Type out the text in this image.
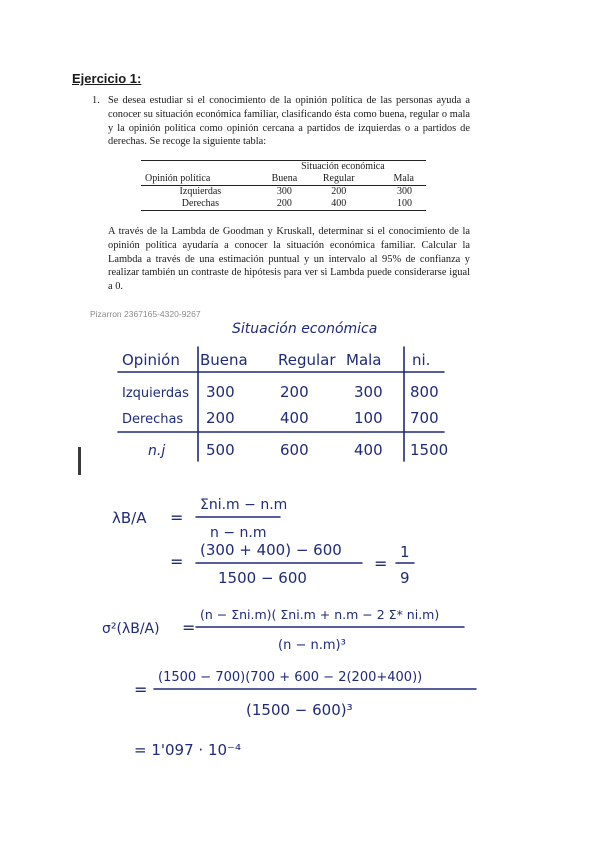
Ejercicio 1:
1. Se desea estudiar si el conocimiento de la opinión política de las personas ayuda a conocer su situación económica familiar, clasificando ésta como buena, regular o mala y la opinión política como opinión cercana a partidos de izquierdas o a partidos de derechas. Se recoge la siguiente tabla:
	Situación económica		
Opinión política	Buena	Regular	Mala
Izquierdas	300	200	300
Derechas	200	400	100
A través de la Lambda de Goodman y Kruskall, determinar si el conocimiento de la opinión política ayudaría a conocer la situación económica familiar. Calcular la Lambda a través de una estimación puntual y un intervalo al 95% de confianza y realizar también un contraste de hipótesis para ver si Lambda puede considerarse igual a 0.
Pizarron 2367165-4320-9267
Situación económica
Opinión Buena Regular Mala ni.
Izquierdas 300	200	300 800
Derechas 200	400	100 700
n.j	500	600	400 1500
λB/A =
Σni.m − n.m
n − n.m
=
(300 + 400) − 600
1500 − 600
=
1
9
σ²(λB/A) =
(n − Σni.m)( Σni.m + n.m − 2 Σ* ni.m)
(n − n.m)³
=
(1500 − 700)(700 + 600 − 2(200+400))
(1500 − 600)³
= 1'097 · 10⁻⁴
